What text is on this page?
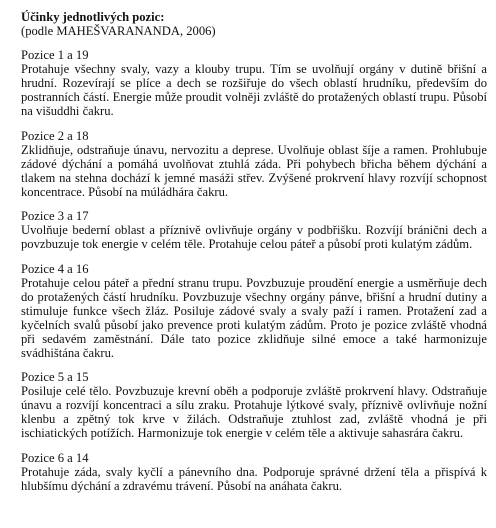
Účinky jednotlivých pozic:

(podle MAHEŠVARANANDA, 2006)

Pozice 1 a 19

Protahuje všechny svaly, vazy a klouby trupu. Tím se uvolňují orgány v dutině břišní a hrudní. Rozevírají se plíce a dech se rozšiřuje do všech oblastí hrudníku, především do postranních částí. Energie může proudit volněji zvláště do protažených oblastí trupu. Působí na višuddhi čakru.

Pozice 2 a 18

Zklidňuje, odstraňuje únavu, nervozitu a deprese. Uvolňuje oblast šíje a ramen. Prohlubuje zádové dýchání a pomáhá uvolňovat ztuhlá záda. Při pohybech břicha během dýchání a tlakem na stehna dochází k jemné masáži střev. Zvýšené prokrvení hlavy rozvíjí schopnost koncentrace. Působí na múládhára čakru.

Pozice 3 a 17

Uvolňuje bederní oblast a příznivě ovlivňuje orgány v podbřišku. Rozvíjí bránični dech a povzbuzuje tok energie v celém těle. Protahuje celou páteř a působí proti kulatým zádům.

Pozice 4 a 16

Protahuje celou páteř a přední stranu trupu. Povzbuzuje proudění energie a usměrňuje dech do protažených částí hrudníku. Povzbuzuje všechny orgány pánve, břišní a hrudní dutiny a stimuluje funkce všech žláz. Posiluje zádové svaly a svaly paží i ramen. Protažení zad a kyčelních svalů působí jako prevence proti kulatým zádům. Proto je pozice zvláště vhodná při sedavém zaměstnání. Dále tato pozice zklidňuje silné emoce a také harmonizuje svádhištána čakru.

Pozice 5 a 15

Posiluje celé tělo. Povzbuzuje krevní oběh a podporuje zvláště prokrvení hlavy. Odstraňuje únavu a rozvíjí koncentraci a sílu zraku. Protahuje lýtkové svaly, příznivě ovlivňuje nožní klenbu a zpětný tok krve v žilách. Odstraňuje ztuhlost zad, zvláště vhodná je při ischiatických potížích. Harmonizuje tok energie v celém těle a aktivuje sahasrára čakru.

Pozice 6 a 14

Protahuje záda, svaly kyčlí a pánevního dna. Podporuje správné držení těla a přispívá k hlubšímu dýchání a zdravému trávení. Působí na anáhata čakru.
